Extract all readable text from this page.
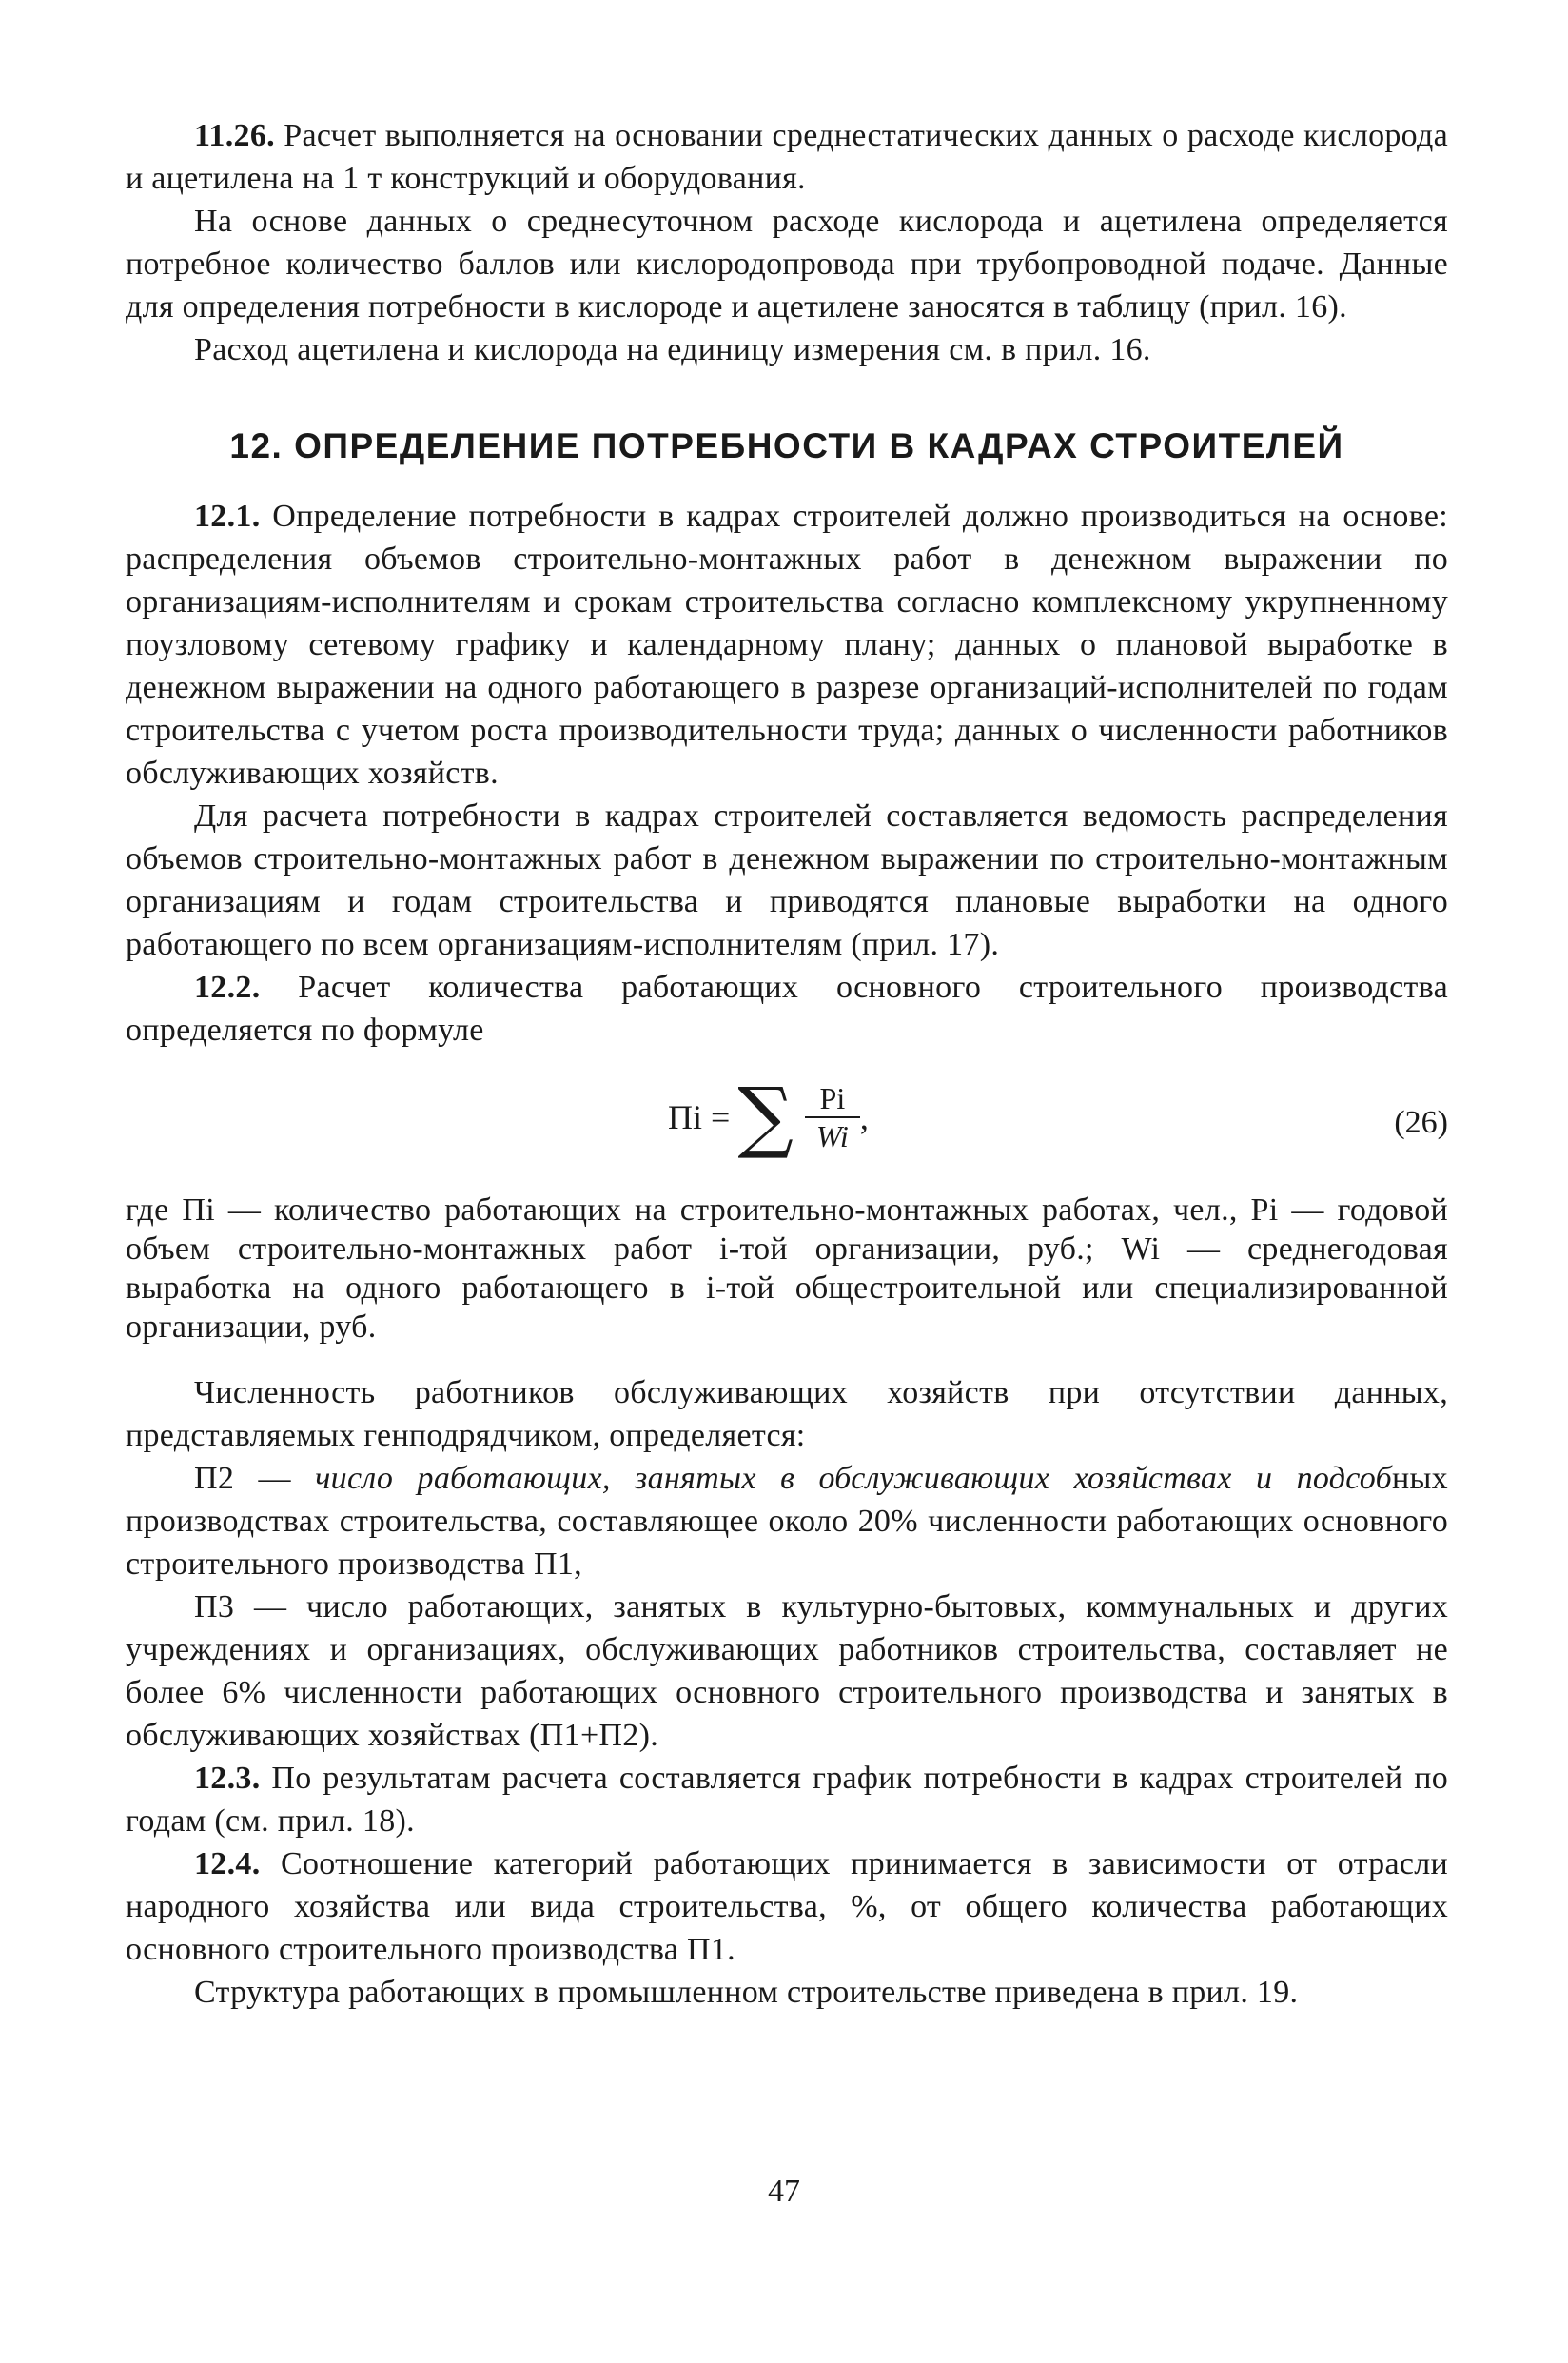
11.26. Расчет выполняется на основании среднестатических данных о расходе кислорода и ацетилена на 1 т конструкций и оборудования.

На основе данных о среднесуточном расходе кислорода и ацетилена определяется потребное количество баллов или кислородопровода при трубопроводной подаче. Данные для определения потребности в кислороде и ацетилене заносятся в таблицу (прил. 16).

Расход ацетилена и кислорода на единицу измерения см. в прил. 16.

12. ОПРЕДЕЛЕНИЕ ПОТРЕБНОСТИ В КАДРАХ СТРОИТЕЛЕЙ

12.1. Определение потребности в кадрах строителей должно производиться на основе: распределения объемов строительно-монтажных работ в денежном выражении по организациям-исполнителям и срокам строительства согласно комплексному укрупненному поузловому сетевому графику и календарному плану; данных о плановой выработке в денежном выражении на одного работающего в разрезе организаций-исполнителей по годам строительства с учетом роста производительности труда; данных о численности работников обслуживающих хозяйств.

Для расчета потребности в кадрах строителей составляется ведомость распределения объемов строительно-монтажных работ в денежном выражении по строительно-монтажным организациям и годам строительства и приводятся плановые выработки на одного работающего по всем организациям-исполнителям (прил. 17).

12.2. Расчет количества работающих основного строительного производства определяется по формуле

Пi = ∑ $\frac{Pi}{Wi}$ ,	(26)

где Пi — количество работающих на строительно-монтажных работах, чел., Pi — годовой объем строительно-монтажных работ i-той организации, руб.; Wi — среднегодовая выработка на одного работающего в i-той общестроительной или специализированной организации, руб.

Численность работников обслуживающих хозяйств при отсутствии данных, представляемых генподрядчиком, определяется:

П2 — число работающих, занятых в обслуживающих хозяйствах и подсобных производствах строительства, составляющее около 20% численности работающих основного строительного производства П1,

П3 — число работающих, занятых в культурно-бытовых, коммунальных и других учреждениях и организациях, обслуживающих работников строительства, составляет не более 6% численности работающих основного строительного производства и занятых в обслуживающих хозяйствах (П1+П2).

12.3. По результатам расчета составляется график потребности в кадрах строителей по годам (см. прил. 18).

12.4. Соотношение категорий работающих принимается в зависимости от отрасли народного хозяйства или вида строительства, %, от общего количества работающих основного строительного производства П1.

Структура работающих в промышленном строительстве приведена в прил. 19.

47
